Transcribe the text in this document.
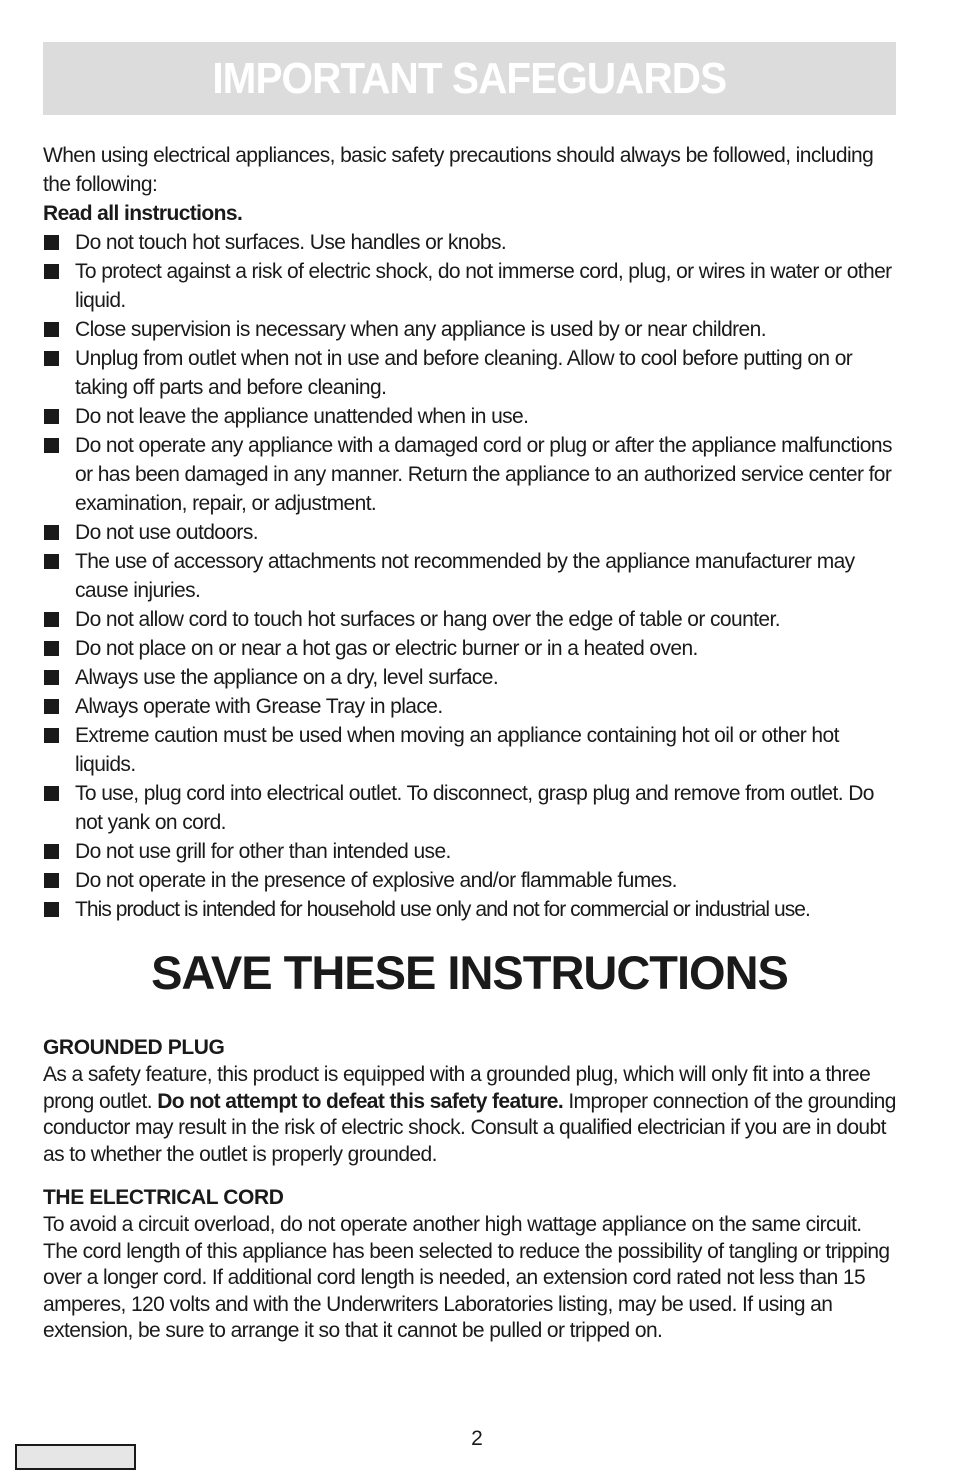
IMPORTANT SAFEGUARDS
When using electrical appliances, basic safety precautions should always be followed, including the following:
Read all instructions.
Do not touch hot surfaces. Use handles or knobs.
To protect against a risk of electric shock, do not immerse cord, plug, or wires in water or other liquid.
Close supervision is necessary when any appliance is used by or near children.
Unplug from outlet when not in use and before cleaning. Allow to cool before putting on or taking off parts and before cleaning.
Do not leave the appliance unattended when in use.
Do not operate any appliance with a damaged cord or plug or after the appliance malfunctions or has been damaged in any manner. Return the appliance to an authorized service center for examination, repair, or adjustment.
Do not use outdoors.
The use of accessory attachments not recommended by the appliance manufacturer may cause injuries.
Do not allow cord to touch hot surfaces or hang over the edge of table or counter.
Do not place on or near a hot gas or electric burner or in a heated oven.
Always use the appliance on a dry, level surface.
Always operate with Grease Tray in place.
Extreme caution must be used when moving an appliance containing hot oil or other hot liquids.
To use, plug cord into electrical outlet. To disconnect, grasp plug and remove from outlet. Do not yank on cord.
Do not use grill for other than intended use.
Do not operate in the presence of explosive and/or flammable fumes.
This product is intended for household use only and not for commercial or industrial use.
SAVE THESE INSTRUCTIONS
GROUNDED PLUG
As a safety feature, this product is equipped with a grounded plug, which will only fit into a three prong outlet. Do not attempt to defeat this safety feature. Improper connection of the grounding conductor may result in the risk of electric shock. Consult a qualified electrician if you are in doubt as to whether the outlet is properly grounded.
THE ELECTRICAL CORD
To avoid a circuit overload, do not operate another high wattage appliance on the same circuit. The cord length of this appliance has been selected to reduce the possibility of tangling or tripping over a longer cord. If additional cord length is needed, an extension cord rated not less than 15 amperes, 120 volts and with the Underwriters Laboratories listing, may be used. If using an extension, be sure to arrange it so that it cannot be pulled or tripped on.
2
